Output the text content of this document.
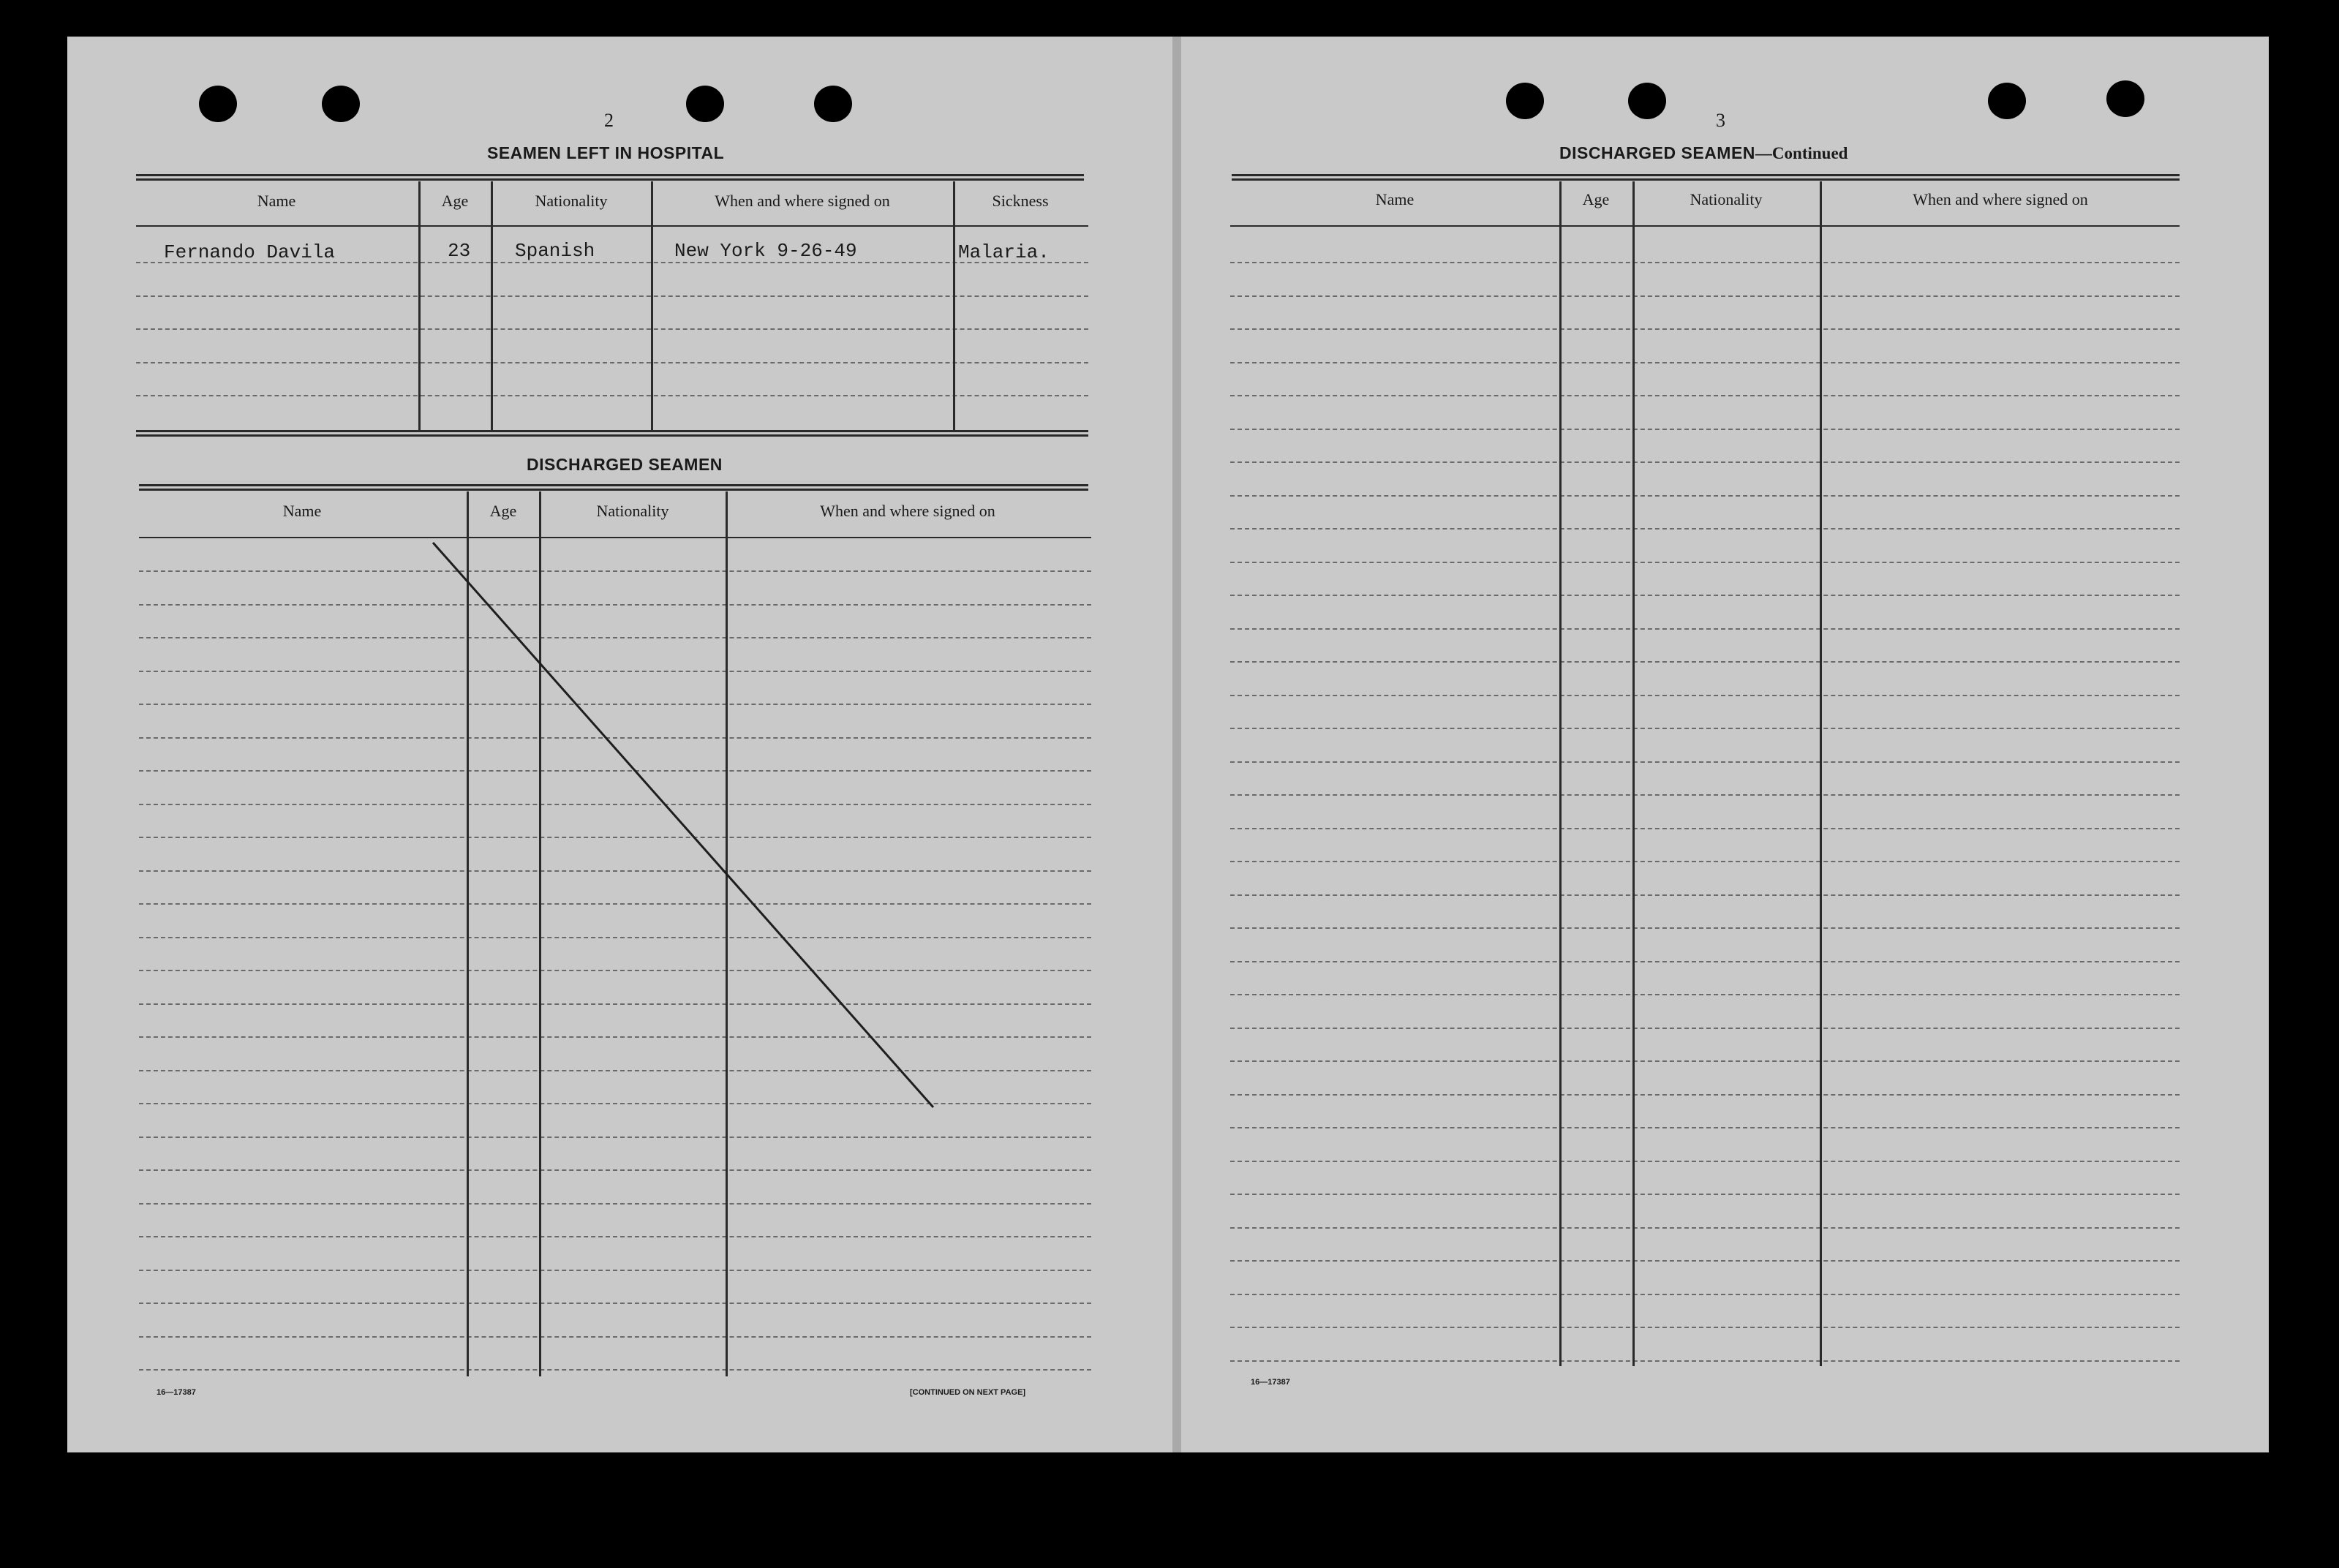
2
SEAMEN LEFT IN HOSPITAL
Name	Age	Nationality	When and where signed on	Sickness
Fernando Davila	23 Spanish	New York 9-26-49	Malaria.
DISCHARGED SEAMEN
Name	Age	Nationality	When and where signed on
16—17387	[CONTINUED ON NEXT PAGE]
3
DISCHARGED SEAMEN—Continued
Name	Age	Nationality	When and where signed on
16—17387
